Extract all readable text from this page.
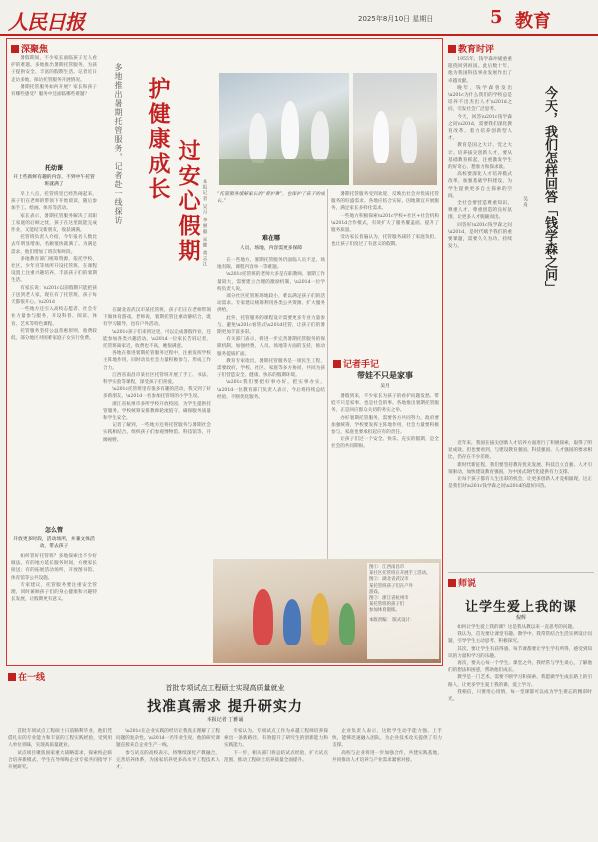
人民日报	2025年8月10日 星期日	5 教育
深聚焦

暑假期间，不少家长面临孩子无人看护的难题。多地推出暑期托管服务，为孩子提供安全、丰富的假期生活。记者近日走访多地，探访托管服务开展情况。

暑期托管服务如何开展？家长和孩子有哪些感受？服务中还面临哪些难题？

托幼课
开上些新鲜有趣的内容，不到中午托管班就满了

早上八点，托管班里已经热闹起来。孩子们在老师的带领下开始晨读，随后参加手工、绘画、体育等活动。

家长表示，暑期托管服务解决了双职工家庭的后顾之忧，孩子在这里既能完成作业，又能结交新朋友，收获满满。

托管班负责人介绍，今年报名人数比去年明显增加，名额很快就满了。为满足需求，他们增加了班次和时段。

多地教育部门统筹资源，依托学校、社区、少年宫等场所开设托管班，在课程设置上注重兴趣培养，丰富孩子们的暑期生活。

有家长说：\u201c以前假期只能把孩子送到老人家，现在有了托管班，孩子每天都很开心。\u201d

一些地方还引入高校志愿者、社会专业力量参与服务，开设科普、阅读、体育、艺术等特色课程。

托管服务坚持公益普惠原则，收费较低，部分地区对困难家庭子女实行免费。

怎么管
开放更多时段，活动场所，并兼文体活动，带去孩子

如何管好托管班？多地探索出不少好做法。有的地方延长服务时间，方便家长接送；有的拓展活动场所，开放图书馆、体育馆等公共设施。

专家建议，托管服务要注重安全管理，同时兼顾孩子们的身心健康和兴趣特长发展，让假期更有意义。

多地推出暑期托管服务，记者赴一线探访 护健康成长 过安心假期 本报记者 吴月 李丽毅 宋健 黄志江

在湖北省武汉市某托管班，孩子们正在老师带领下做体育游戏。老师说，暑期托管注重动静结合，既有学习辅导，也有户外活动。

\u201c孩子们来到这里，可以完成暑假作业，还能参加各类兴趣活动。\u201d一位家长告诉记者，托管班离家近，收费也不高，她很满意。

各地在推进暑期托管服务过程中，注重发挥学校主阵地作用，同时动员社会力量积极参与，形成工作合力。

江西省南昌市某社区托管班开展了手工、书法、科学实验等课程，深受孩子们喜爱。

\u201c托管班里有很多有趣的活动，我交到了好多新朋友。\u201d一名参加托管班的小学生说。

浙江省杭州市多所学校开放校园，为学生提供托管服务。学校统筹安排教师轮流值守，确保服务质量和学生安全。

记者了解到，一些地方还将托管服务与暑期社会实践相结合，组织孩子们参观博物馆、科技馆等，开阔视野。

“托管服务缓解家长的“看护难”，也保护了孩子的成长。”
难在哪
人员，场地，内容需更多保障

在一些地方，暑期托管服务仍面临人员不足、场地有限、课程内容单一等难题。

\u201c托管班的老师大多是在职教师，暑期工作量较大，需要建立合理的激励机制。\u201d一位学校负责人说。

部分社区托管班场地较小，难以满足孩子们的活动需求。专家建议统筹利用各类公共资源，扩大服务供给。

此外，托管服务的课程设计需要更多专业力量参与，避免\u201c看管式\u201d托管，让孩子们的暑期更加丰富多彩。

有关部门表示，将进一步完善暑期托管服务的保障机制，加强经费、人员、场地等方面的支持，推动服务提质扩面。

教育专家指出，暑期托管服务是一项民生工程，需要政府、学校、社区、家庭等多方协同，共同为孩子们营造安全、健康、快乐的假期环境。

\u201c我们要把好事办好，把实事办实。\u201d一位教育部门负责人表示，今后将持续总结经验，不断优化服务。

暑期托管服务受到欢迎，反映出社会对优质托管服务的旺盛需求。各地应结合实际，因地制宜开展服务，满足家长多样化需求。

一些地方积极探索\u201c学校+社区+社会机构\u201d合作模式，有效扩大了服务覆盖面，提升了服务质量。

受访家长普遍认为，托管服务减轻了家庭负担，也让孩子们度过了有意义的假期。

记者手记
带娃不只是家事
吴月

暑假到来，不少家长为孩子的看护问题发愁。带娃不只是家事，也是社会的事。各地推出暑期托管服务，正是回应群众关切的务实之举。

办好暑期托管服务，需要各方共同努力。政府要加强统筹，学校要发挥主阵地作用，社会力量要积极参与，家庭也要承担起应有的责任。

让孩子们过一个安全、快乐、充实的假期，是全社会的共同期盼。

图①：江西南昌市
某社区托管班在开展手工活动。
图②：湖北省武汉市
某托管班孩子们在户外
游戏。
图③：浙江省杭州市
某托管班的孩子们
参加体育锻炼。
本版责编： 版式设计：
教育时评

1955年，钱学森冲破重重阻挠回到祖国。此后数十年，他为我国科技事业发展作出了卓越贡献。

晚年，钱学森曾发出\u201c为什么我们的学校总是培养不出杰出人才\u201d之问，引发社会广泛思考。

今天，回答\u201c钱学森之问\u201d，需要我们深化教育改革，着力培养创新型人才。

教育是国之大计、党之大计。培养拔尖创新人才，要从基础教育抓起，注重激发学生的好奇心、想象力和探求欲。

高校要深化人才培养模式改革，加强基础学科建设，为学生提供更多自主探索的空间。

全社会要营造尊重知识、尊重人才、尊重创造的良好氛围，让更多人才脱颖而出。

回答好\u201c钱学森之问\u201d，是时代赋予我们的重要课题，需要久久为功、持续发力。	今天，我们怎样回答「钱学森之问」
吴舟

近年来，我国在拔尖创新人才培养方面进行了积极探索，取得了明显成效。但也要看到，与建设教育强国、科技强国、人才强国的要求相比，仍存在不少差距。

新时代新征程，我们要坚持教育优先发展、科技自立自强、人才引领驱动，加快建设教育强国，为中国式现代化提供有力支撑。

让每个孩子都有人生出彩的机会，让更多创新人才竞相涌现，这正是我们对\u201c钱学森之问\u201d的最好回答。

师说
让学生爱上我的课
倪辉

如何让学生爱上我的课？这是我从教以来一直思考的问题。

我认为，首先要让课堂有趣。教学中，我常常结合生活实例设计问题，引导学生主动思考、积极探究。

其次，要让学生有获得感。每节课都要让学生学有所得，感受到知识的力量和学习的乐趣。

再次，要关心每一个学生。课堂之外，我经常与学生谈心，了解他们的想法和困惑，帮助他们成长。

教学是一门艺术，需要不断学习和探索。我愿做学生成长路上的引路人，让更多学生爱上我的课，爱上学习。

我相信，只要用心用情，每一堂课都可以成为学生难忘的精彩时光。

在一线
首批专项试点工程硕士实现高质量就业
找准真需求 提升研实力
本报记者 丁雅诵

首批专项试点工程硕士日前顺利毕业，他们凭借扎实的专业能力和丰富的工程实践经验，受到用人单位青睐，实现高质量就业。

试点项目聚焦国家重大战略需求，探索校企联合培养新模式，学生在导师和企业专家共同指导下开展研究。

\u201c在企业实践的经历让我真正理解了工程问题的复杂性。\u201d一名毕业生说，他的研究课题直接来自企业生产一线。

参与试点的高校表示，将继续深化产教融合，完善培养体系，为国家培养更多高水平工程技术人才。

专家认为，专项试点工作为卓越工程师培养探索出一条新路径，有效提升了研究生的创新能力和实践能力。

下一步，相关部门将总结试点经验，扩大试点范围，推动工程硕士培养质量全面提升。

企业负责人表示，这批学生动手能力强、上手快，能够迅速融入团队，为企业技术攻关提供了有力支撑。

高校与企业将进一步加强合作，共建实践基地，共同推动人才培养与产业需求紧密对接。
